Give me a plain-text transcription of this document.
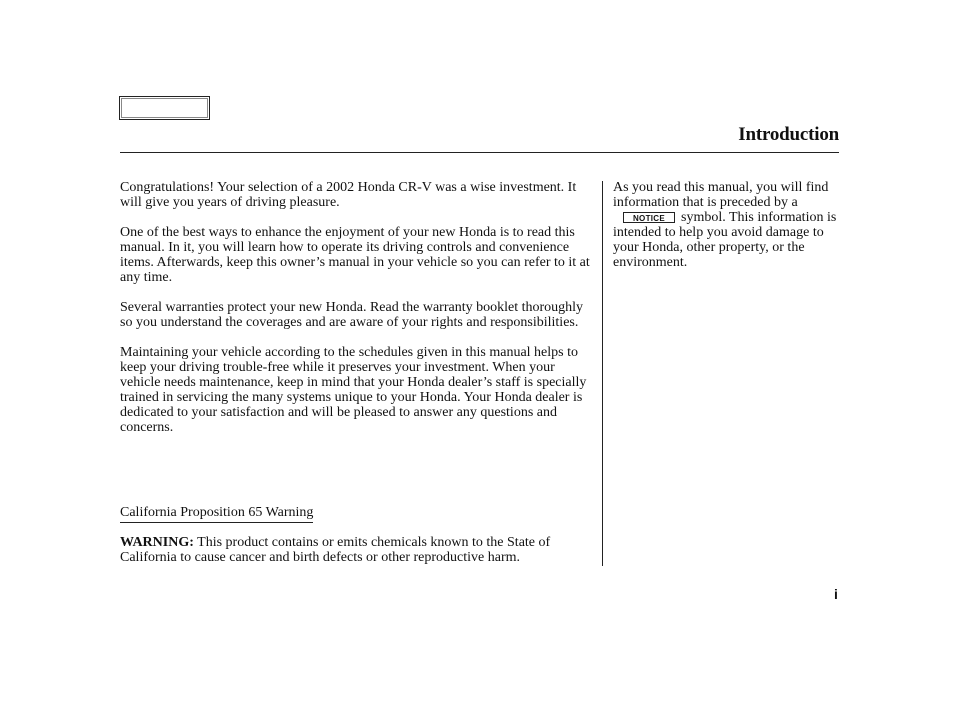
Introduction

Congratulations! Your selection of a 2002 Honda CR-V was a wise investment. It will give you years of driving pleasure.

One of the best ways to enhance the enjoyment of your new Honda is to read this manual. In it, you will learn how to operate its driving controls and convenience items. Afterwards, keep this owner’s manual in your vehicle so you can refer to it at any time.

Several warranties protect your new Honda. Read the warranty booklet thoroughly so you understand the coverages and are aware of your rights and responsibilities.

Maintaining your vehicle according to the schedules given in this manual helps to keep your driving trouble-free while it preserves your investment. When your vehicle needs maintenance, keep in mind that your Honda dealer’s staff is specially trained in servicing the many systems unique to your Honda. Your Honda dealer is dedicated to your satisfaction and will be pleased to answer any questions and concerns.

As you read this manual, you will find information that is preceded by aNOTICE symbol. This information is intended to help you avoid damage to your Honda, other property, or the environment.

California Proposition 65 Warning

WARNING: This product contains or emits chemicals known to the State of California to cause cancer and birth defects or other reproductive harm.

i
